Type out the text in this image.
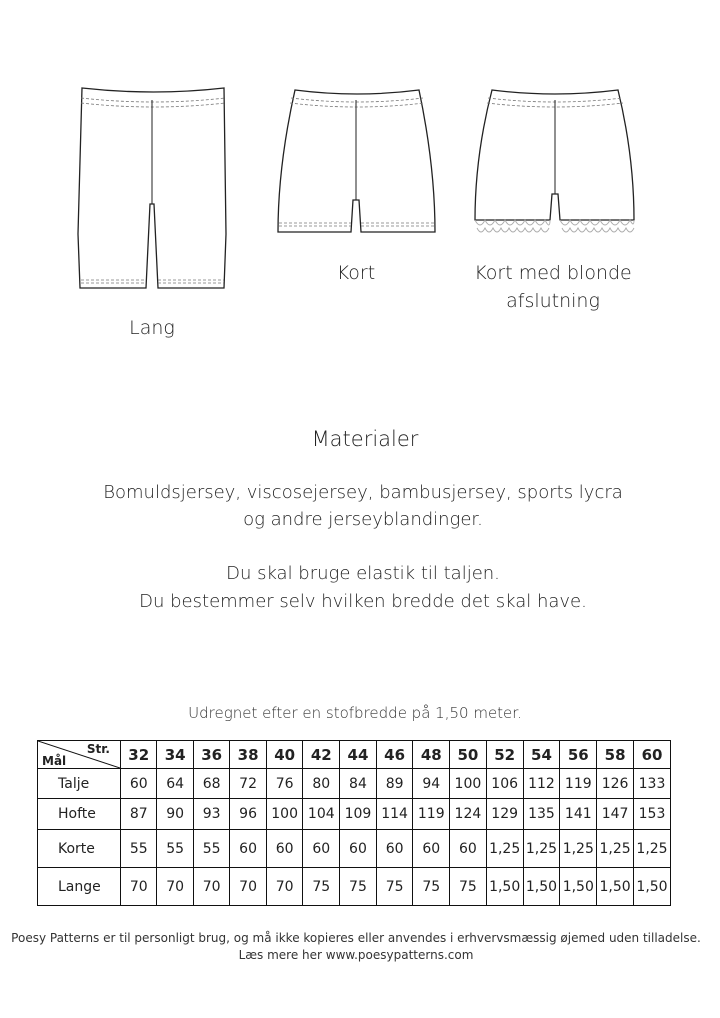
Lang
Kort	Kort med blonde
afslutning
Materialer
Bomuldsjersey, viscosejersey, bambusjersey, sports lycra
og andre jerseyblandinger.
Du skal bruge elastik til taljen.
Du bestemmer selv hvilken bredde det skal have.
Udregnet efter en stofbredde på 1,50 meter.
Str.
Mål	32	34	36	38	40	42	44	46	48	50	52	54	56	58	60
Talje	60	64	68	72	76	80	84	89	94	100	106	112	119	126	133
Hofte	87	90	93	96	100	104	109	114	119	124	129	135	141	147	153
Korte	55	55	55	60	60	60	60	60	60	60	1,25	1,25	1,25	1,25	1,25
Lange	70	70	70	70	70	75	75	75	75	75	1,50	1,50	1,50	1,50	1,50
Poesy Patterns er til personligt brug, og må ikke kopieres eller anvendes i erhvervsmæssig øjemed uden tilladelse.
Læs mere her www.poesypatterns.com
